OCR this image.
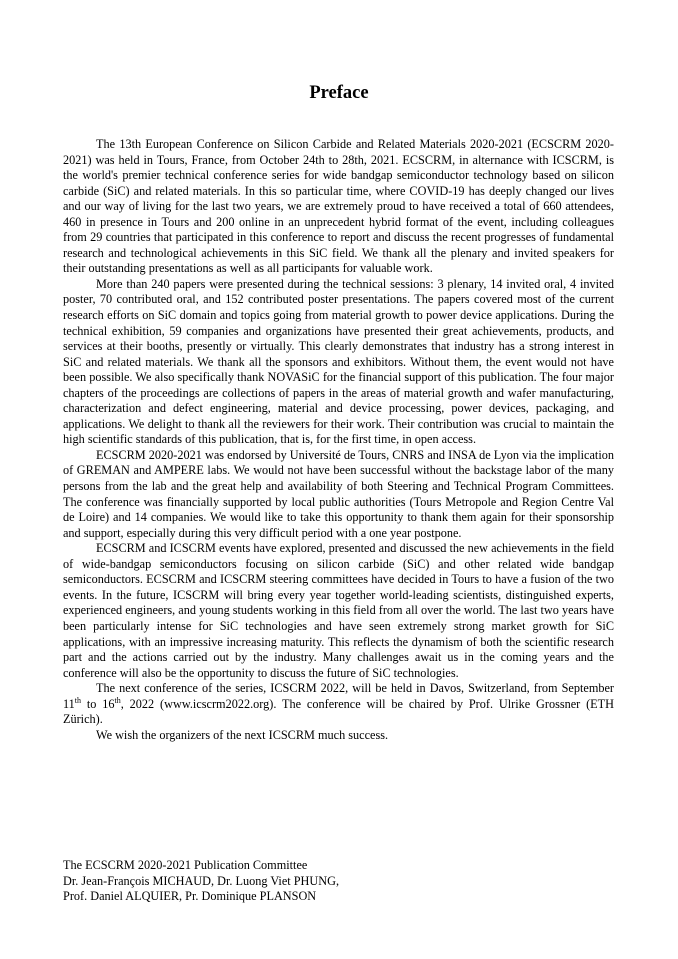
Preface

The 13th European Conference on Silicon Carbide and Related Materials 2020-2021 (ECSCRM 2020-2021) was held in Tours, France, from October 24th to 28th, 2021. ECSCRM, in alternance with ICSCRM, is the world's premier technical conference series for wide bandgap semiconductor technology based on silicon carbide (SiC) and related materials. In this so particular time, where COVID-19 has deeply changed our lives and our way of living for the last two years, we are extremely proud to have received a total of 660 attendees, 460 in presence in Tours and 200 online in an unprecedent hybrid format of the event, including colleagues from 29 countries that participated in this conference to report and discuss the recent progresses of fundamental research and technological achievements in this SiC field. We thank all the plenary and invited speakers for their outstanding presentations as well as all participants for valuable work.

More than 240 papers were presented during the technical sessions: 3 plenary, 14 invited oral, 4 invited poster, 70 contributed oral, and 152 contributed poster presentations. The papers covered most of the current research efforts on SiC domain and topics going from material growth to power device applications. During the technical exhibition, 59 companies and organizations have presented their great achievements, products, and services at their booths, presently or virtually. This clearly demonstrates that industry has a strong interest in SiC and related materials. We thank all the sponsors and exhibitors. Without them, the event would not have been possible. We also specifically thank NOVASiC for the financial support of this publication. The four major chapters of the proceedings are collections of papers in the areas of material growth and wafer manufacturing, characterization and defect engineering, material and device processing, power devices, packaging, and applications. We delight to thank all the reviewers for their work. Their contribution was crucial to maintain the high scientific standards of this publication, that is, for the first time, in open access.

ECSCRM 2020-2021 was endorsed by Université de Tours, CNRS and INSA de Lyon via the implication of GREMAN and AMPERE labs. We would not have been successful without the backstage labor of the many persons from the lab and the great help and availability of both Steering and Technical Program Committees. The conference was financially supported by local public authorities (Tours Metropole and Region Centre Val de Loire) and 14 companies. We would like to take this opportunity to thank them again for their sponsorship and support, especially during this very difficult period with a one year postpone.

ECSCRM and ICSCRM events have explored, presented and discussed the new achievements in the field of wide-bandgap semiconductors focusing on silicon carbide (SiC) and other related wide bandgap semiconductors. ECSCRM and ICSCRM steering committees have decided in Tours to have a fusion of the two events. In the future, ICSCRM will bring every year together world-leading scientists, distinguished experts, experienced engineers, and young students working in this field from all over the world. The last two years have been particularly intense for SiC technologies and have seen extremely strong market growth for SiC applications, with an impressive increasing maturity. This reflects the dynamism of both the scientific research part and the actions carried out by the industry. Many challenges await us in the coming years and the conference will also be the opportunity to discuss the future of SiC technologies.

The next conference of the series, ICSCRM 2022, will be held in Davos, Switzerland, from September 11th to 16th, 2022 (www.icscrm2022.org). The conference will be chaired by Prof. Ulrike Grossner (ETH Zürich).

We wish the organizers of the next ICSCRM much success.

The ECSCRM 2020-2021 Publication Committee
Dr. Jean-François MICHAUD, Dr. Luong Viet PHUNG,
Prof. Daniel ALQUIER, Pr. Dominique PLANSON
